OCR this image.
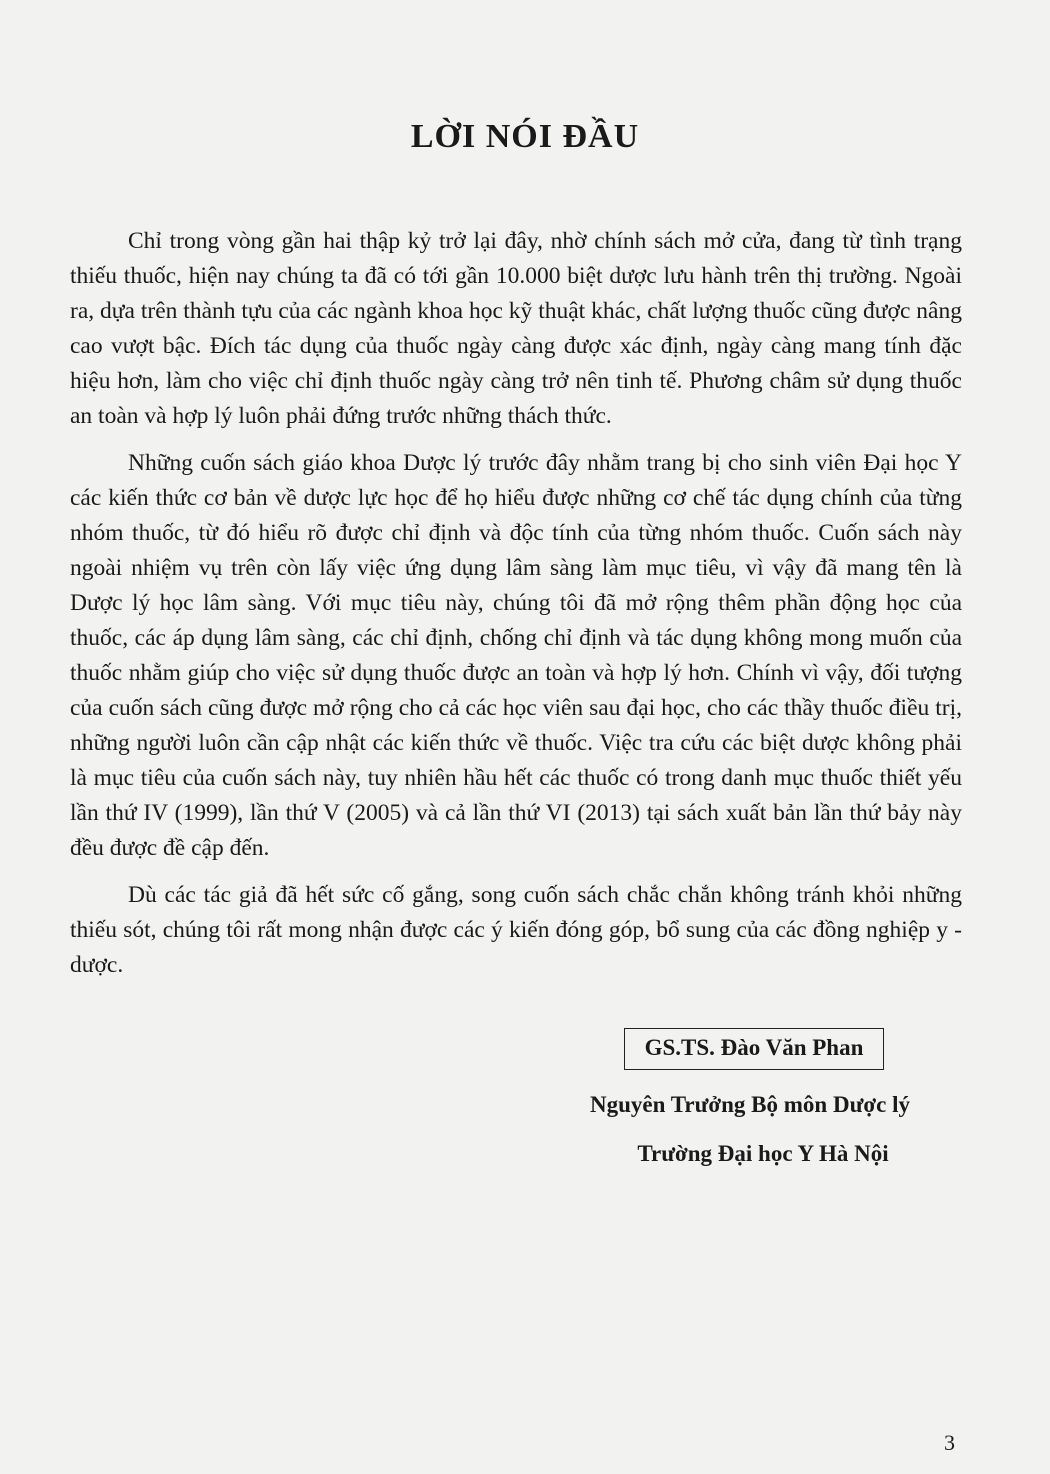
LỜI NÓI ĐẦU

Chỉ trong vòng gần hai thập kỷ trở lại đây, nhờ chính sách mở cửa, đang từ tình trạng thiếu thuốc, hiện nay chúng ta đã có tới gần 10.000 biệt dược lưu hành trên thị trường. Ngoài ra, dựa trên thành tựu của các ngành khoa học kỹ thuật khác, chất lượng thuốc cũng được nâng cao vượt bậc. Đích tác dụng của thuốc ngày càng được xác định, ngày càng mang tính đặc hiệu hơn, làm cho việc chỉ định thuốc ngày càng trở nên tinh tế. Phương châm sử dụng thuốc an toàn và hợp lý luôn phải đứng trước những thách thức.

Những cuốn sách giáo khoa Dược lý trước đây nhằm trang bị cho sinh viên Đại học Y các kiến thức cơ bản về dược lực học để họ hiểu được những cơ chế tác dụng chính của từng nhóm thuốc, từ đó hiểu rõ được chỉ định và độc tính của từng nhóm thuốc. Cuốn sách này ngoài nhiệm vụ trên còn lấy việc ứng dụng lâm sàng làm mục tiêu, vì vậy đã mang tên là Dược lý học lâm sàng. Với mục tiêu này, chúng tôi đã mở rộng thêm phần động học của thuốc, các áp dụng lâm sàng, các chỉ định, chống chỉ định và tác dụng không mong muốn của thuốc nhằm giúp cho việc sử dụng thuốc được an toàn và hợp lý hơn. Chính vì vậy, đối tượng của cuốn sách cũng được mở rộng cho cả các học viên sau đại học, cho các thầy thuốc điều trị, những người luôn cần cập nhật các kiến thức về thuốc. Việc tra cứu các biệt dược không phải là mục tiêu của cuốn sách này, tuy nhiên hầu hết các thuốc có trong danh mục thuốc thiết yếu lần thứ IV (1999), lần thứ V (2005) và cả lần thứ VI (2013) tại sách xuất bản lần thứ bảy này đều được đề cập đến.

Dù các tác giả đã hết sức cố gắng, song cuốn sách chắc chắn không tránh khỏi những thiếu sót, chúng tôi rất mong nhận được các ý kiến đóng góp, bổ sung của các đồng nghiệp y - dược.

GS.TS. Đào Văn Phan
Nguyên Trưởng Bộ môn Dược lý
Trường Đại học Y Hà Nội
3
